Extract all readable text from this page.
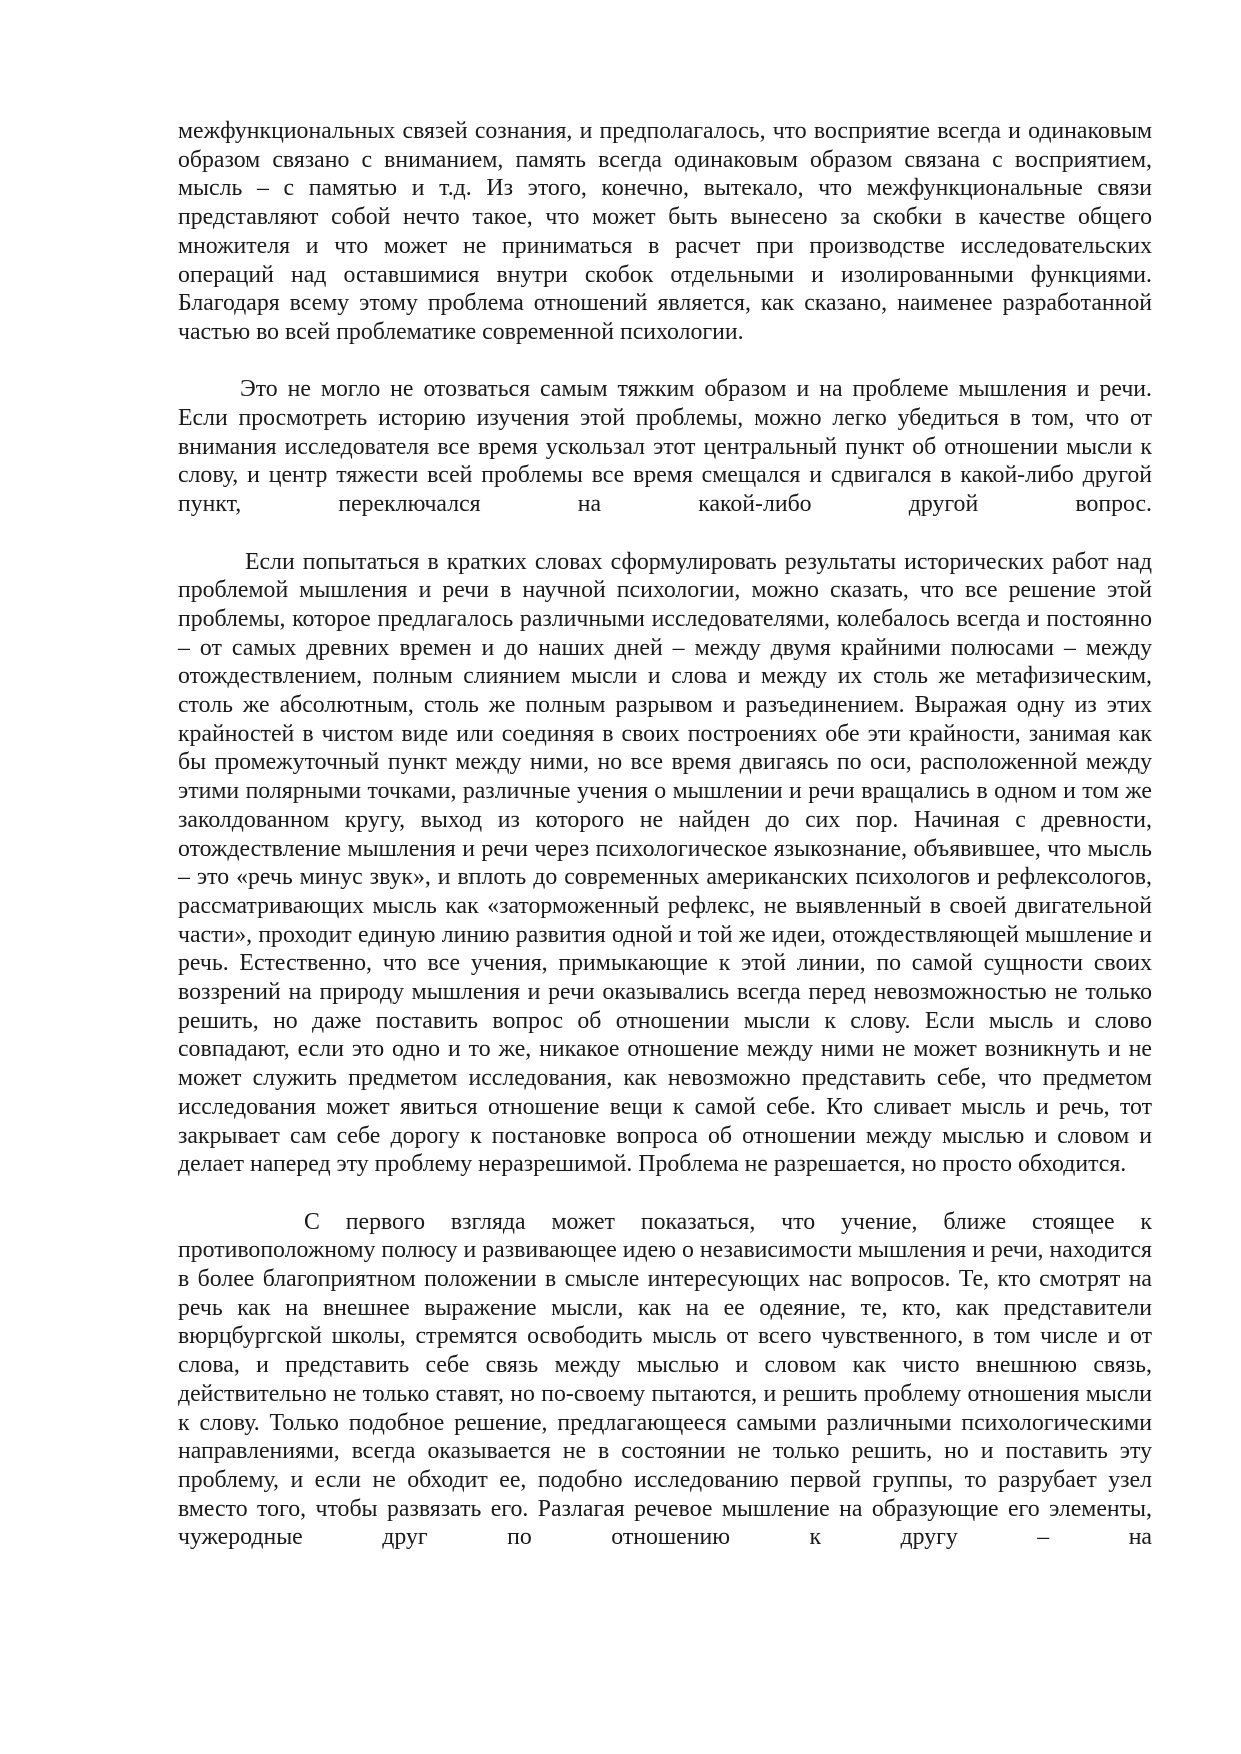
межфункциональных связей сознания, и предполагалось, что восприятие всегда и одинаковым образом связано с вниманием, память всегда одинаковым образом связана с восприятием, мысль – с памятью и т.д. Из этого, конечно, вытекало, что межфункциональные связи представляют собой нечто такое, что может быть вынесено за скобки в качестве общего множителя и что может не приниматься в расчет при производстве исследовательских операций над оставшимися внутри скобок отдельными и изолированными функциями. Благодаря всему этому проблема отношений является, как сказано, наименее разработанной частью во всей проблематике современной психологии.

Это не могло не отозваться самым тяжким образом и на проблеме мышления и речи. Если просмотреть историю изучения этой проблемы, можно легко убедиться в том, что от внимания исследователя все время ускользал этот центральный пункт об отношении мысли к слову, и центр тяжести всей проблемы все время смещался и сдвигался в какой-либо другой пункт, переключался на какой-либо другой вопрос.

Если попытаться в кратких словах сформулировать результаты исторических работ над проблемой мышления и речи в научной психологии, можно сказать, что все решение этой проблемы, которое предлагалось различными исследователями, колебалось всегда и постоянно – от самых древних времен и до наших дней – между двумя крайними полюсами – между отождествлением, полным слиянием мысли и слова и между их столь же метафизическим, столь же абсолютным, столь же полным разрывом и разъединением. Выражая одну из этих крайностей в чистом виде или соединяя в своих построениях обе эти крайности, занимая как бы промежуточный пункт между ними, но все время двигаясь по оси, расположенной между этими полярными точками, различные учения о мышлении и речи вращались в одном и том же заколдованном кругу, выход из которого не найден до сих пор. Начиная с древности, отождествление мышления и речи через психологическое языкознание, объявившее, что мысль – это «речь минус звук», и вплоть до современных американских психологов и рефлексологов, рассматривающих мысль как «заторможенный рефлекс, не выявленный в своей двигательной части», проходит единую линию развития одной и той же идеи, отождествляющей мышление и речь. Естественно, что все учения, примыкающие к этой линии, по самой сущности своих воззрений на природу мышления и речи оказывались всегда перед невозможностью не только решить, но даже поставить вопрос об отношении мысли к слову. Если мысль и слово совпадают, если это одно и то же, никакое отношение между ними не может возникнуть и не может служить предметом исследования, как невозможно представить себе, что предметом исследования может явиться отношение вещи к самой себе. Кто сливает мысль и речь, тот закрывает сам себе дорогу к постановке вопроса об отношении между мыслью и словом и делает наперед эту проблему неразрешимой. Проблема не разрешается, но просто обходится.

С первого взгляда может показаться, что учение, ближе стоящее к противоположному полюсу и развивающее идею о независимости мышления и речи, находится в более благоприятном положении в смысле интересующих нас вопросов. Те, кто смотрят на речь как на внешнее выражение мысли, как на ее одеяние, те, кто, как представители вюрцбургской школы, стремятся освободить мысль от всего чувственного, в том числе и от слова, и представить себе связь между мыслью и словом как чисто внешнюю связь, действительно не только ставят, но по-своему пытаются, и решить проблему отношения мысли к слову. Только подобное решение, предлагающееся самыми различными психологическими направлениями, всегда оказывается не в состоянии не только решить, но и поставить эту проблему, и если не обходит ее, подобно исследованию первой группы, то разрубает узел вместо того, чтобы развязать его. Разлагая речевое мышление на образующие его элементы, чужеродные друг по отношению к другу – на
